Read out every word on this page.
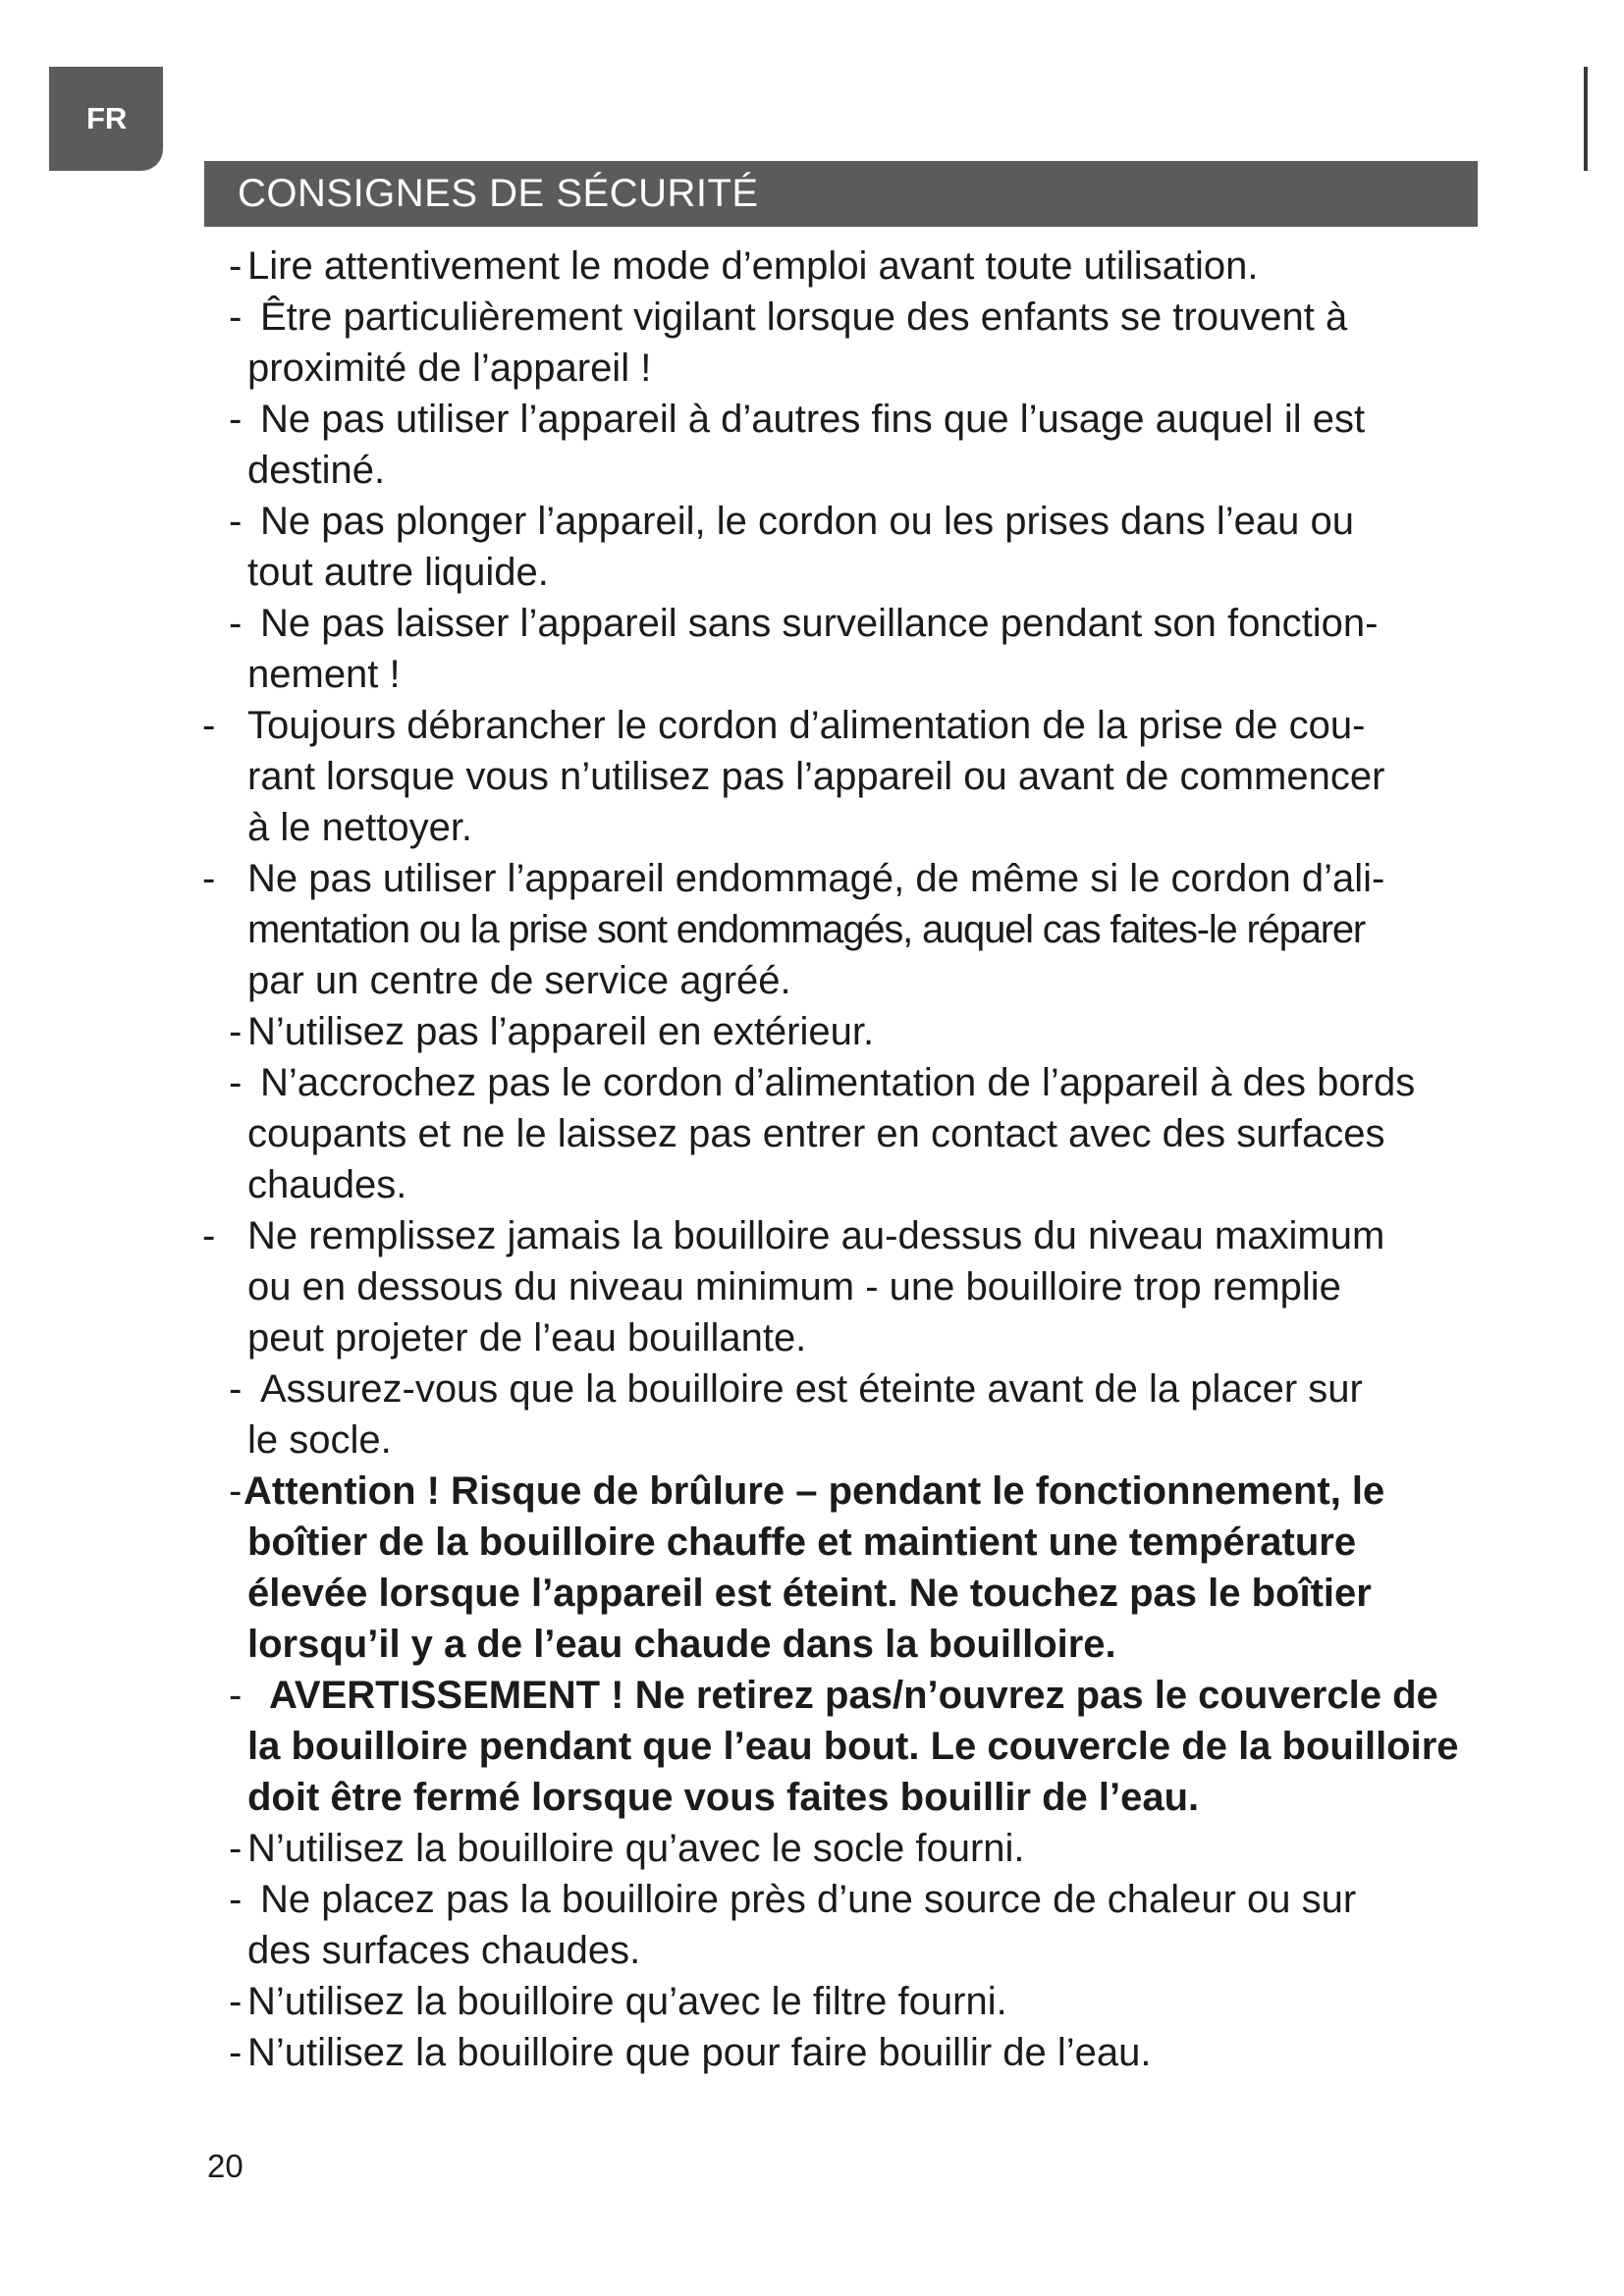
FR
CONSIGNES DE SÉCURITÉ
- Lire attentivement le mode d’emploi avant toute utilisation.
- Être particulièrement vigilant lorsque des enfants se trouvent à
proximité de l’appareil !
- Ne pas utiliser l’appareil à d’autres fins que l’usage auquel il est
destiné.
- Ne pas plonger l’appareil, le cordon ou les prises dans l’eau ou
tout autre liquide.
- Ne pas laisser l’appareil sans surveillance pendant son fonction-
nement !
- Toujours débrancher le cordon d’alimentation de la prise de cou-
rant lorsque vous n’utilisez pas l’appareil ou avant de commencer
à le nettoyer.
- Ne pas utiliser l’appareil endommagé, de même si le cordon d’ali-
mentation ou la prise sont endommagés, auquel cas faites-le réparer
par un centre de service agréé.
- N’utilisez pas l’appareil en extérieur.
- N’accrochez pas le cordon d’alimentation de l’appareil à des bords
coupants et ne le laissez pas entrer en contact avec des surfaces
chaudes.
- Ne remplissez jamais la bouilloire au-dessus du niveau maximum
ou en dessous du niveau minimum - une bouilloire trop remplie
peut projeter de l’eau bouillante.
- Assurez-vous que la bouilloire est éteinte avant de la placer sur
le socle.
- Attention ! Risque de brûlure – pendant le fonctionnement, le
boîtier de la bouilloire chauffe et maintient une température
élevée lorsque l’appareil est éteint. Ne touchez pas le boîtier
lorsqu’il y a de l’eau chaude dans la bouilloire.
- AVERTISSEMENT ! Ne retirez pas/n’ouvrez pas le couvercle de
la bouilloire pendant que l’eau bout. Le couvercle de la bouilloire
doit être fermé lorsque vous faites bouillir de l’eau.
- N’utilisez la bouilloire qu’avec le socle fourni.
- Ne placez pas la bouilloire près d’une source de chaleur ou sur
des surfaces chaudes.
- N’utilisez la bouilloire qu’avec le filtre fourni.
- N’utilisez la bouilloire que pour faire bouillir de l’eau.
20
